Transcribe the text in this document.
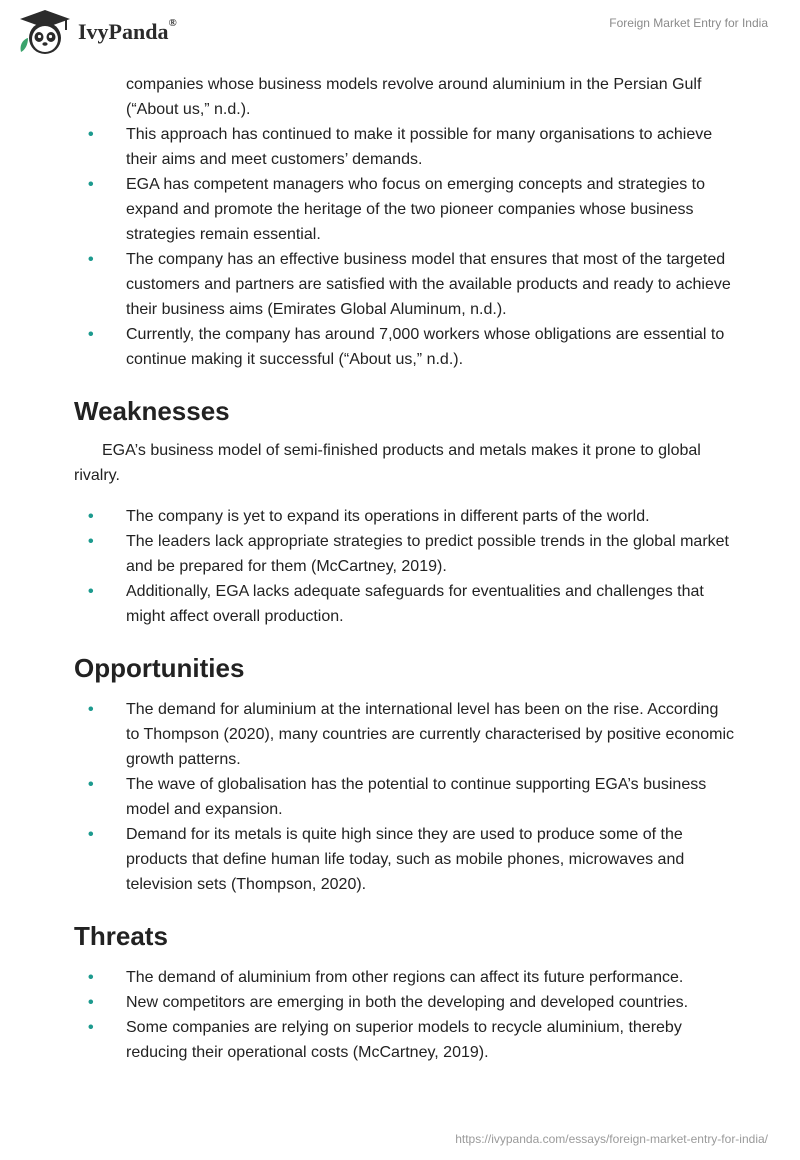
IvyPanda®	Foreign Market Entry for India
companies whose business models revolve around aluminium in the Persian Gulf (“About us,” n.d.).
• This approach has continued to make it possible for many organisations to achieve their aims and meet customers’ demands.
• EGA has competent managers who focus on emerging concepts and strategies to expand and promote the heritage of the two pioneer companies whose business strategies remain essential.
• The company has an effective business model that ensures that most of the targeted customers and partners are satisfied with the available products and ready to achieve their business aims (Emirates Global Aluminum, n.d.).
• Currently, the company has around 7,000 workers whose obligations are essential to continue making it successful (“About us,” n.d.).
Weaknesses

EGA’s business model of semi-finished products and metals makes it prone to global rivalry.

• The company is yet to expand its operations in different parts of the world.
• The leaders lack appropriate strategies to predict possible trends in the global market and be prepared for them (McCartney, 2019).
• Additionally, EGA lacks adequate safeguards for eventualities and challenges that might affect overall production.
Opportunities
• The demand for aluminium at the international level has been on the rise. According to Thompson (2020), many countries are currently characterised by positive economic growth patterns.
• The wave of globalisation has the potential to continue supporting EGA’s business model and expansion.
• Demand for its metals is quite high since they are used to produce some of the products that define human life today, such as mobile phones, microwaves and television sets (Thompson, 2020).
Threats
• The demand of aluminium from other regions can affect its future performance.
• New competitors are emerging in both the developing and developed countries.
• Some companies are relying on superior models to recycle aluminium, thereby reducing their operational costs (McCartney, 2019).
https://ivypanda.com/essays/foreign-market-entry-for-india/
